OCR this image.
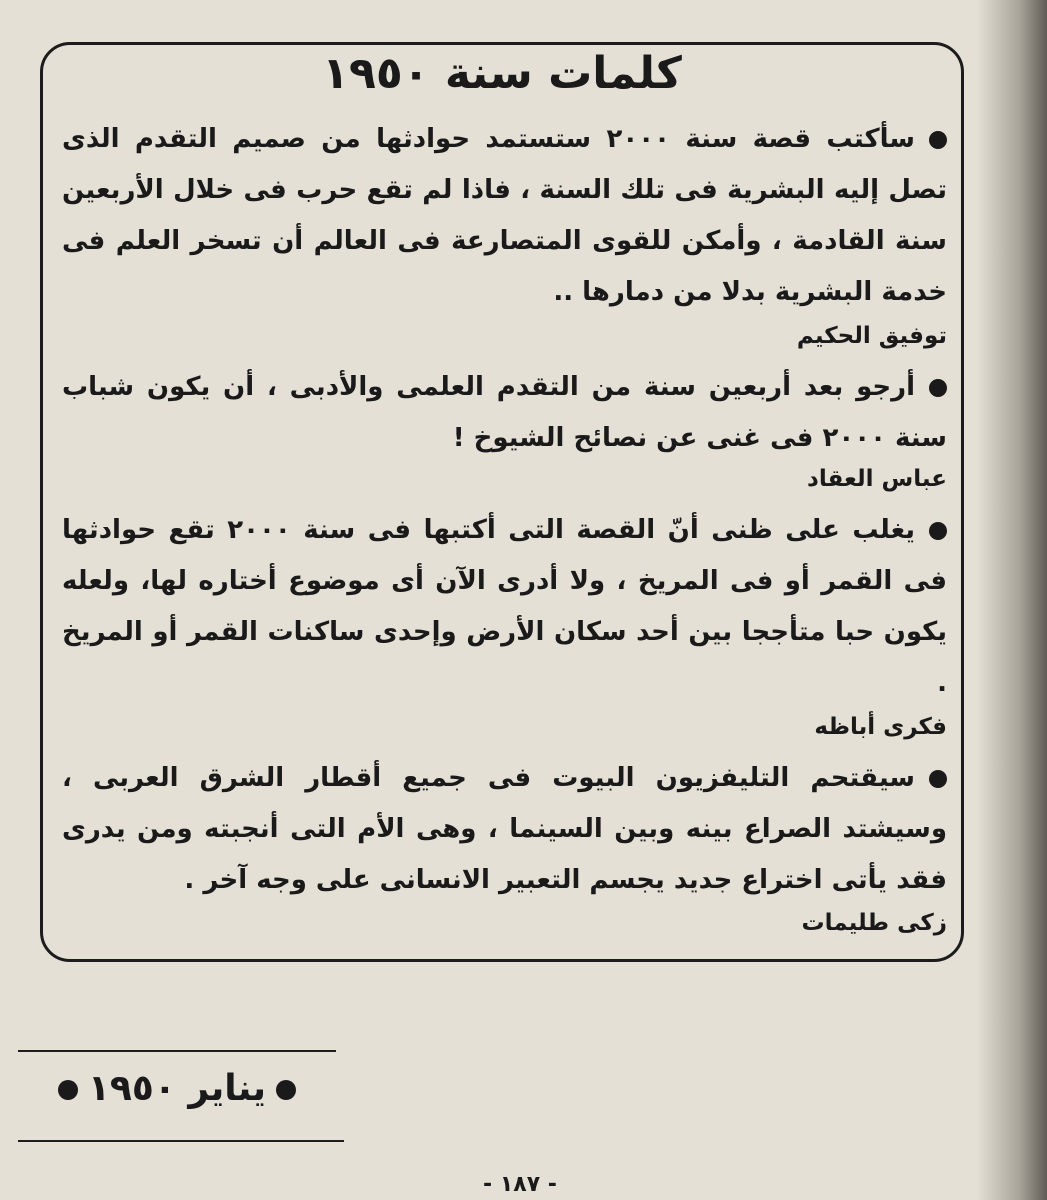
كلمات سنة ١٩٥٠
سأكتب قصة سنة ٢٠٠٠ ستستمد حوادثها من صميم التقدم الذى تصل إليه البشرية فى تلك السنة ، فاذا لم تقع حرب فى خلال الأربعين سنة القادمة ، وأمكن للقوى المتصارعة فى العالم أن تسخر العلم فى خدمة البشرية بدلا من دمارها ..
توفيق الحكيم
أرجو بعد أربعين سنة من التقدم العلمى والأدبى ، أن يكون شباب سنة ٢٠٠٠ فى غنى عن نصائح الشيوخ !
عباس العقاد
يغلب على ظنى أنّ القصة التى أكتبها فى سنة ٢٠٠٠ تقع حوادثها فى القمر أو فى المريخ ، ولا أدرى الآن أى موضوع أختاره لها، ولعله يكون حبا متأججا بين أحد سكان الأرض وإحدى ساكنات القمر أو المريخ .
فكرى أباظه
سيقتحم التليفزيون البيوت فى جميع أقطار الشرق العربى ، وسيشتد الصراع بينه وبين السينما ، وهى الأم التى أنجبته ومن يدرى فقد يأتى اختراع جديد يجسم التعبير الانسانى على وجه آخر .
زكى طليمات
يناير ١٩٥٠
- ١٨٧ -
